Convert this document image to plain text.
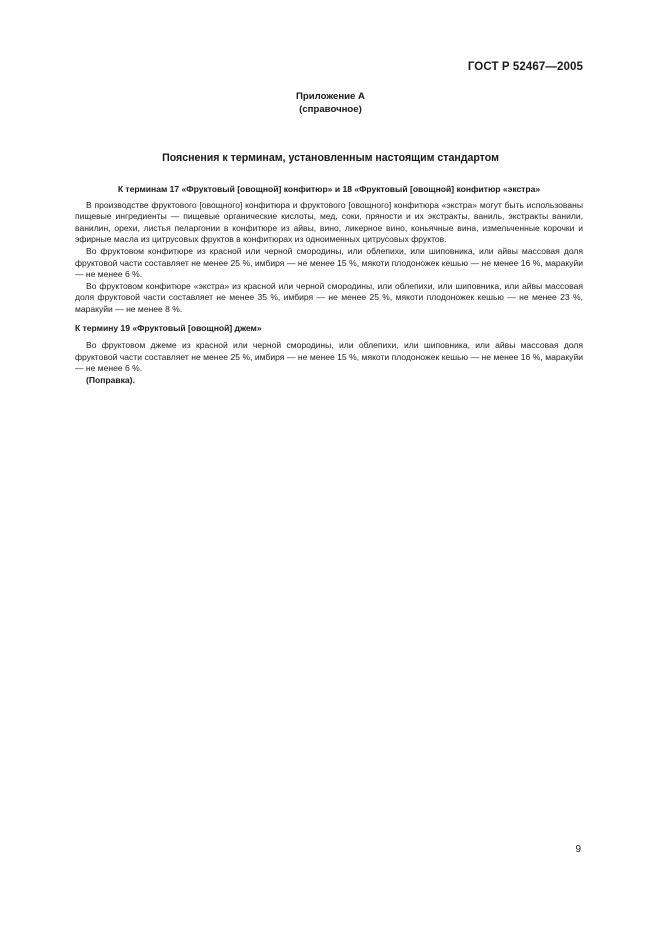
ГОСТ Р 52467—2005
Приложение А
(справочное)
Пояснения к терминам, установленным настоящим стандартом

К терминам 17 «Фруктовый [овощной] конфитюр» и 18 «Фруктовый [овощной] конфитюр «экстра»

В производстве фруктового [овощного] конфитюра и фруктового [овощного] конфитюра «экстра» могут быть использованы пищевые ингредиенты — пищевые органические кислоты, мед, соки, пряности и их экстракты, ваниль, экстракты ванили, ванилин, орехи, листья пеларгонии в конфитюре из айвы, вино, ликерное вино, коньячные вина, измельченные корочки и эфирные масла из цитрусовых фруктов в конфитюрах из одноименных цитрусовых фруктов.

Во фруктовом конфитюре из красной или черной смородины, или облепихи, или шиповника, или айвы массовая доля фруктовой части составляет не менее 25 %, имбиря — не менее 15 %, мякоти плодоножек кешью — не менее 16 %, маракуйи — не менее 6 %.

Во фруктовом конфитюре «экстра» из красной или черной смородины, или облепихи, или шиповника, или айвы массовая доля фруктовой части составляет не менее 35 %, имбиря — не менее 25 %, мякоти плодоножек кешью — не менее 23 %, маракуйи — не менее 8 %.

К термину 19 «Фруктовый [овощной] джем»

Во фруктовом джеме из красной или черной смородины, или облепихи, или шиповника, или айвы массовая доля фруктовой части составляет не менее 25 %, имбиря — не менее 15 %, мякоти плодоножек кешью — не менее 16 %, маракуйи — не менее 6 %.

(Поправка).

9
